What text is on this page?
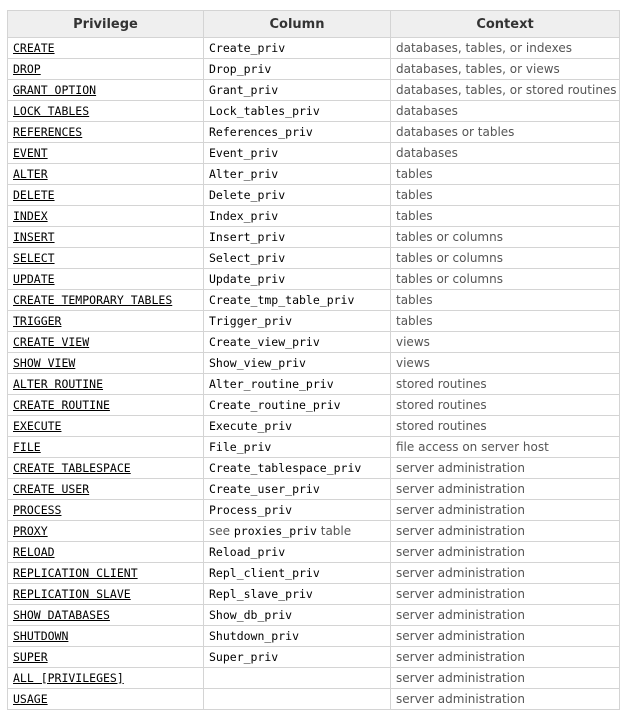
Privilege	Column	Context
CREATE	Create_priv	databases, tables, or indexes
DROP	Drop_priv	databases, tables, or views
GRANT OPTION	Grant_priv	databases, tables, or stored routines
LOCK TABLES	Lock_tables_priv	databases
REFERENCES	References_priv	databases or tables
EVENT	Event_priv	databases
ALTER	Alter_priv	tables
DELETE	Delete_priv	tables
INDEX	Index_priv	tables
INSERT	Insert_priv	tables or columns
SELECT	Select_priv	tables or columns
UPDATE	Update_priv	tables or columns
CREATE TEMPORARY TABLES	Create_tmp_table_priv	tables
TRIGGER	Trigger_priv	tables
CREATE VIEW	Create_view_priv	views
SHOW VIEW	Show_view_priv	views
ALTER ROUTINE	Alter_routine_priv	stored routines
CREATE ROUTINE	Create_routine_priv	stored routines
EXECUTE	Execute_priv	stored routines
FILE	File_priv	file access on server host
CREATE TABLESPACE	Create_tablespace_priv	server administration
CREATE USER	Create_user_priv	server administration
PROCESS	Process_priv	server administration
PROXY	see proxies_priv table	server administration
RELOAD	Reload_priv	server administration
REPLICATION CLIENT	Repl_client_priv	server administration
REPLICATION SLAVE	Repl_slave_priv	server administration
SHOW DATABASES	Show_db_priv	server administration
SHUTDOWN	Shutdown_priv	server administration
SUPER	Super_priv	server administration
ALL [PRIVILEGES]		server administration
USAGE		server administration
